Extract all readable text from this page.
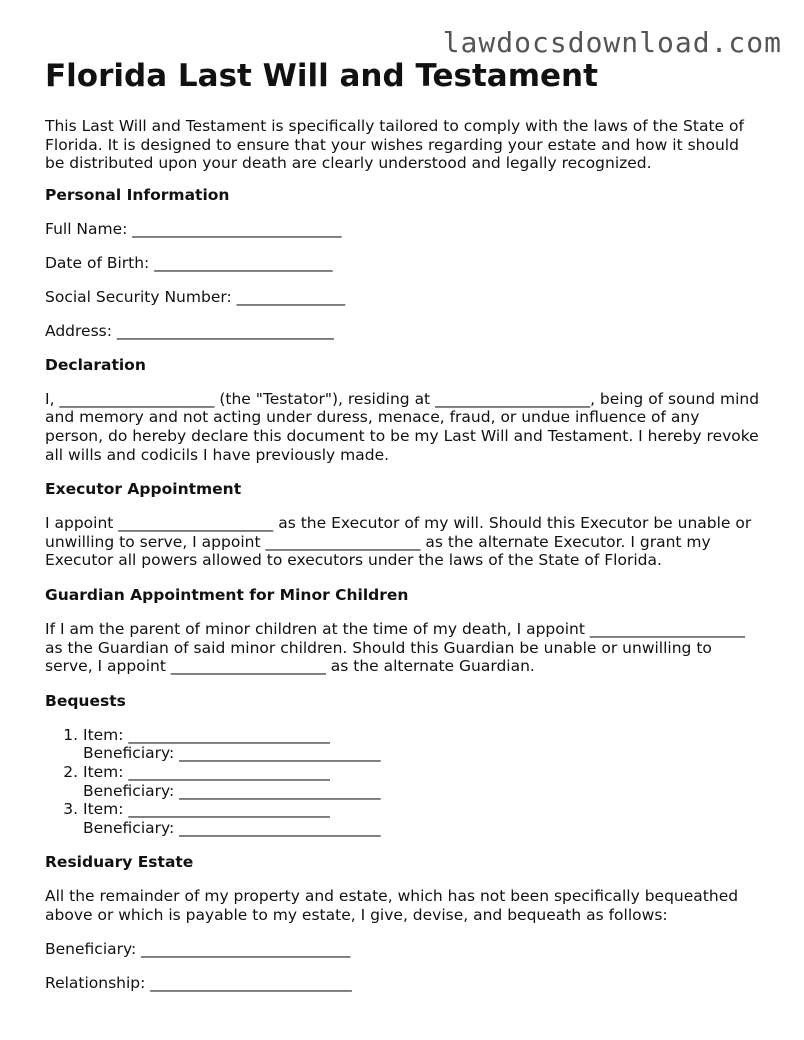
lawdocsdownload.com
Florida Last Will and Testament

This Last Will and Testament is specifically tailored to comply with the laws of the State of Florida. It is designed to ensure that your wishes regarding your estate and how it should be distributed upon your death are clearly understood and legally recognized.

Personal Information
Full Name: ___________________________
Date of Birth: _______________________
Social Security Number: ______________
Address: ____________________________
Declaration

I, ____________________ (the "Testator"), residing at ____________________, being of sound mind and memory and not acting under duress, menace, fraud, or undue influence of any person, do hereby declare this document to be my Last Will and Testament. I hereby revoke all wills and codicils I have previously made.

Executor Appointment

I appoint ____________________ as the Executor of my will. Should this Executor be unable or unwilling to serve, I appoint ____________________ as the alternate Executor. I grant my Executor all powers allowed to executors under the laws of the State of Florida.

Guardian Appointment for Minor Children

If I am the parent of minor children at the time of my death, I appoint ____________________ as the Guardian of said minor children. Should this Guardian be unable or unwilling to serve, I appoint ____________________ as the alternate Guardian.

Bequests
1. Item: __________________________
Beneficiary: __________________________
2. Item: __________________________
Beneficiary: __________________________
3. Item: __________________________
Beneficiary: __________________________
Residuary Estate

All the remainder of my property and estate, which has not been specifically bequeathed above or which is payable to my estate, I give, devise, and bequeath as follows:

Beneficiary: ___________________________
Relationship: __________________________
